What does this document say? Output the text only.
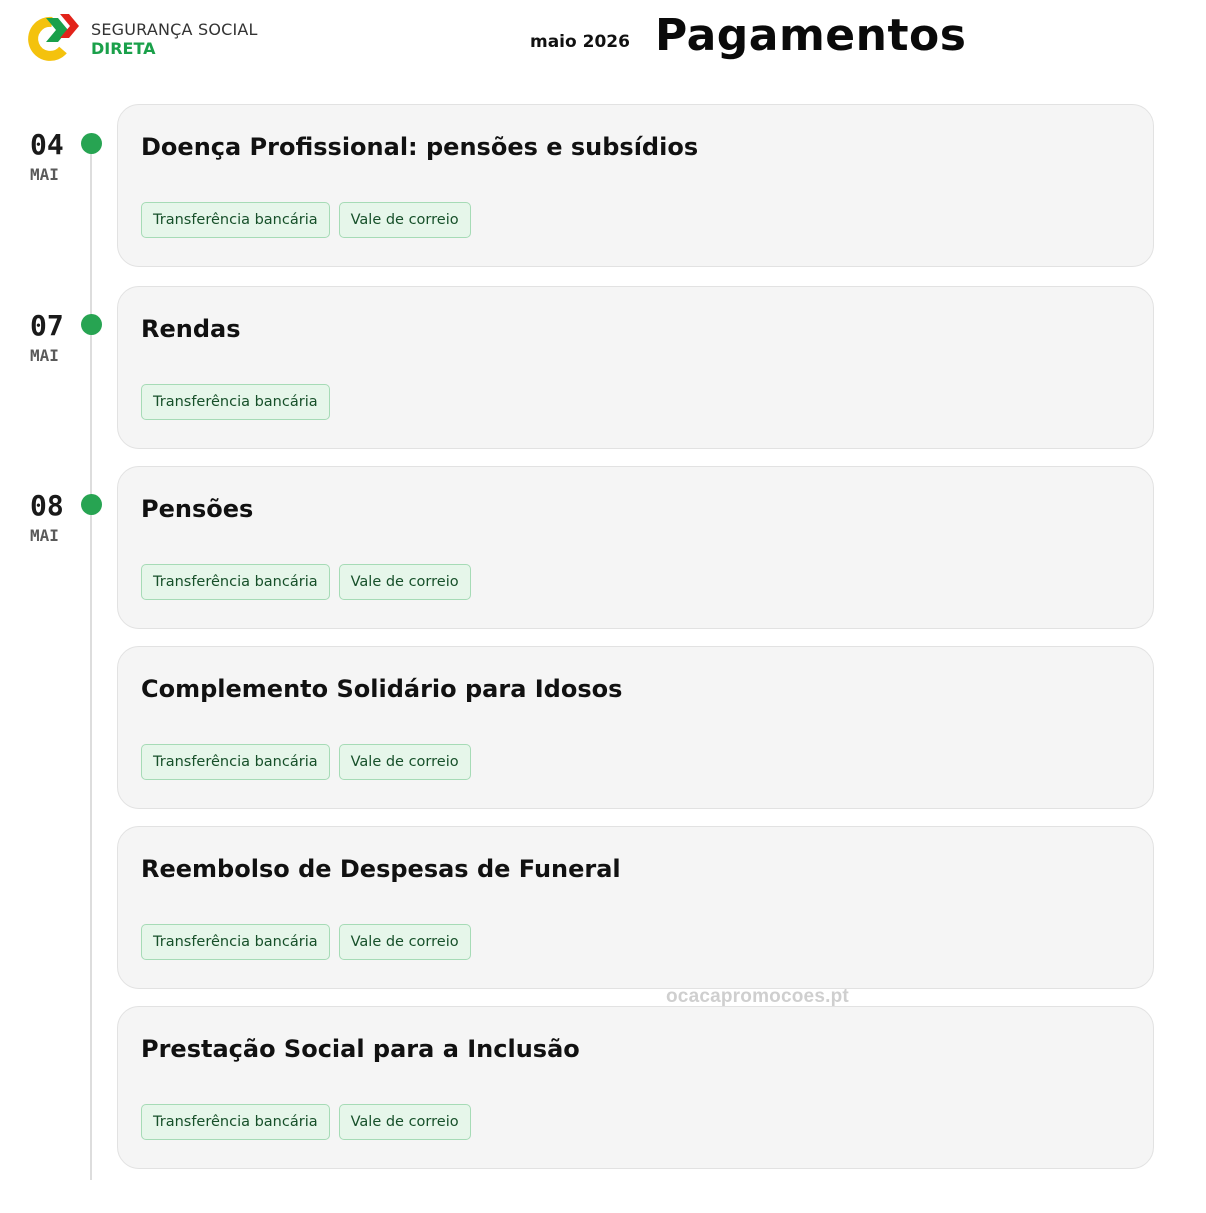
SEGURANÇA SOCIAL
DIRETA	maio 2026 Pagamentos
04
MAI
07
MAI
08
MAI
Doença Profissional: pensões e subsídios
Transferência bancária	Vale de correio
Rendas
Transferência bancária
Pensões
Transferência bancária	Vale de correio
Complemento Solidário para Idosos
Transferência bancária	Vale de correio
Reembolso de Despesas de Funeral
Transferência bancária	Vale de correio
Prestação Social para a Inclusão
Transferência bancária	Vale de correio
ocacapromocoes.pt
